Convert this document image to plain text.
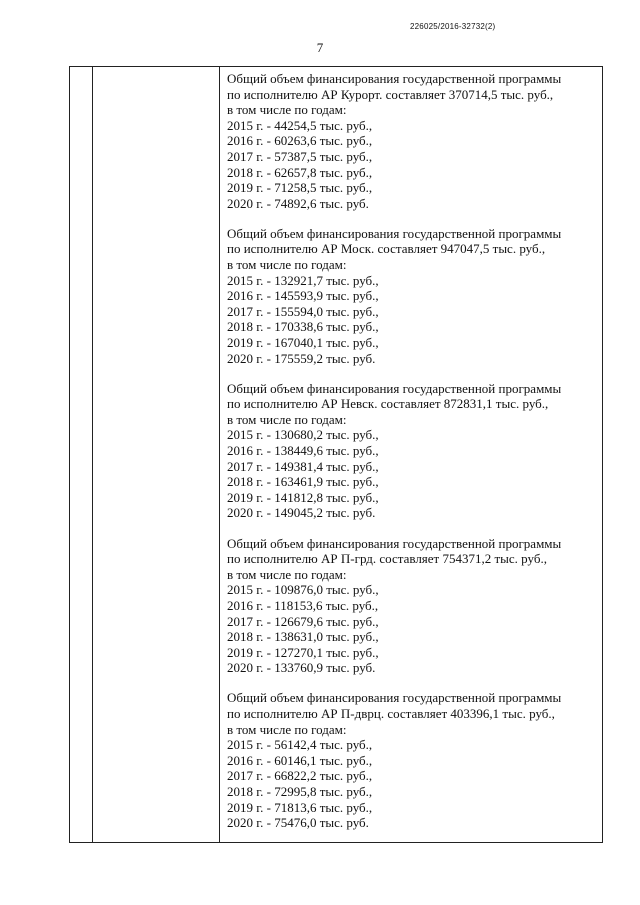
226025/2016-32732(2)
7
Общий объем финансирования государственной программы
по исполнителю АР Курорт. составляет 370714,5 тыс. руб.,
в том числе по годам:
2015 г. - 44254,5 тыс. руб.,
2016 г. - 60263,6 тыс. руб.,
2017 г. - 57387,5 тыс. руб.,
2018 г. - 62657,8 тыс. руб.,
2019 г. - 71258,5 тыс. руб.,
2020 г. - 74892,6 тыс. руб.
Общий объем финансирования государственной программы
по исполнителю АР Моск. составляет 947047,5 тыс. руб.,
в том числе по годам:
2015 г. - 132921,7 тыс. руб.,
2016 г. - 145593,9 тыс. руб.,
2017 г. - 155594,0 тыс. руб.,
2018 г. - 170338,6 тыс. руб.,
2019 г. - 167040,1 тыс. руб.,
2020 г. - 175559,2 тыс. руб.
Общий объем финансирования государственной программы
по исполнителю АР Невск. составляет 872831,1 тыс. руб.,
в том числе по годам:
2015 г. - 130680,2 тыс. руб.,
2016 г. - 138449,6 тыс. руб.,
2017 г. - 149381,4 тыс. руб.,
2018 г. - 163461,9 тыс. руб.,
2019 г. - 141812,8 тыс. руб.,
2020 г. - 149045,2 тыс. руб.
Общий объем финансирования государственной программы
по исполнителю АР П-грд. составляет 754371,2 тыс. руб.,
в том числе по годам:
2015 г. - 109876,0 тыс. руб.,
2016 г. - 118153,6 тыс. руб.,
2017 г. - 126679,6 тыс. руб.,
2018 г. - 138631,0 тыс. руб.,
2019 г. - 127270,1 тыс. руб.,
2020 г. - 133760,9 тыс. руб.
Общий объем финансирования государственной программы
по исполнителю АР П-дврц. составляет 403396,1 тыс. руб.,
в том числе по годам:
2015 г. - 56142,4 тыс. руб.,
2016 г. - 60146,1 тыс. руб.,
2017 г. - 66822,2 тыс. руб.,
2018 г. - 72995,8 тыс. руб.,
2019 г. - 71813,6 тыс. руб.,
2020 г. - 75476,0 тыс. руб.
